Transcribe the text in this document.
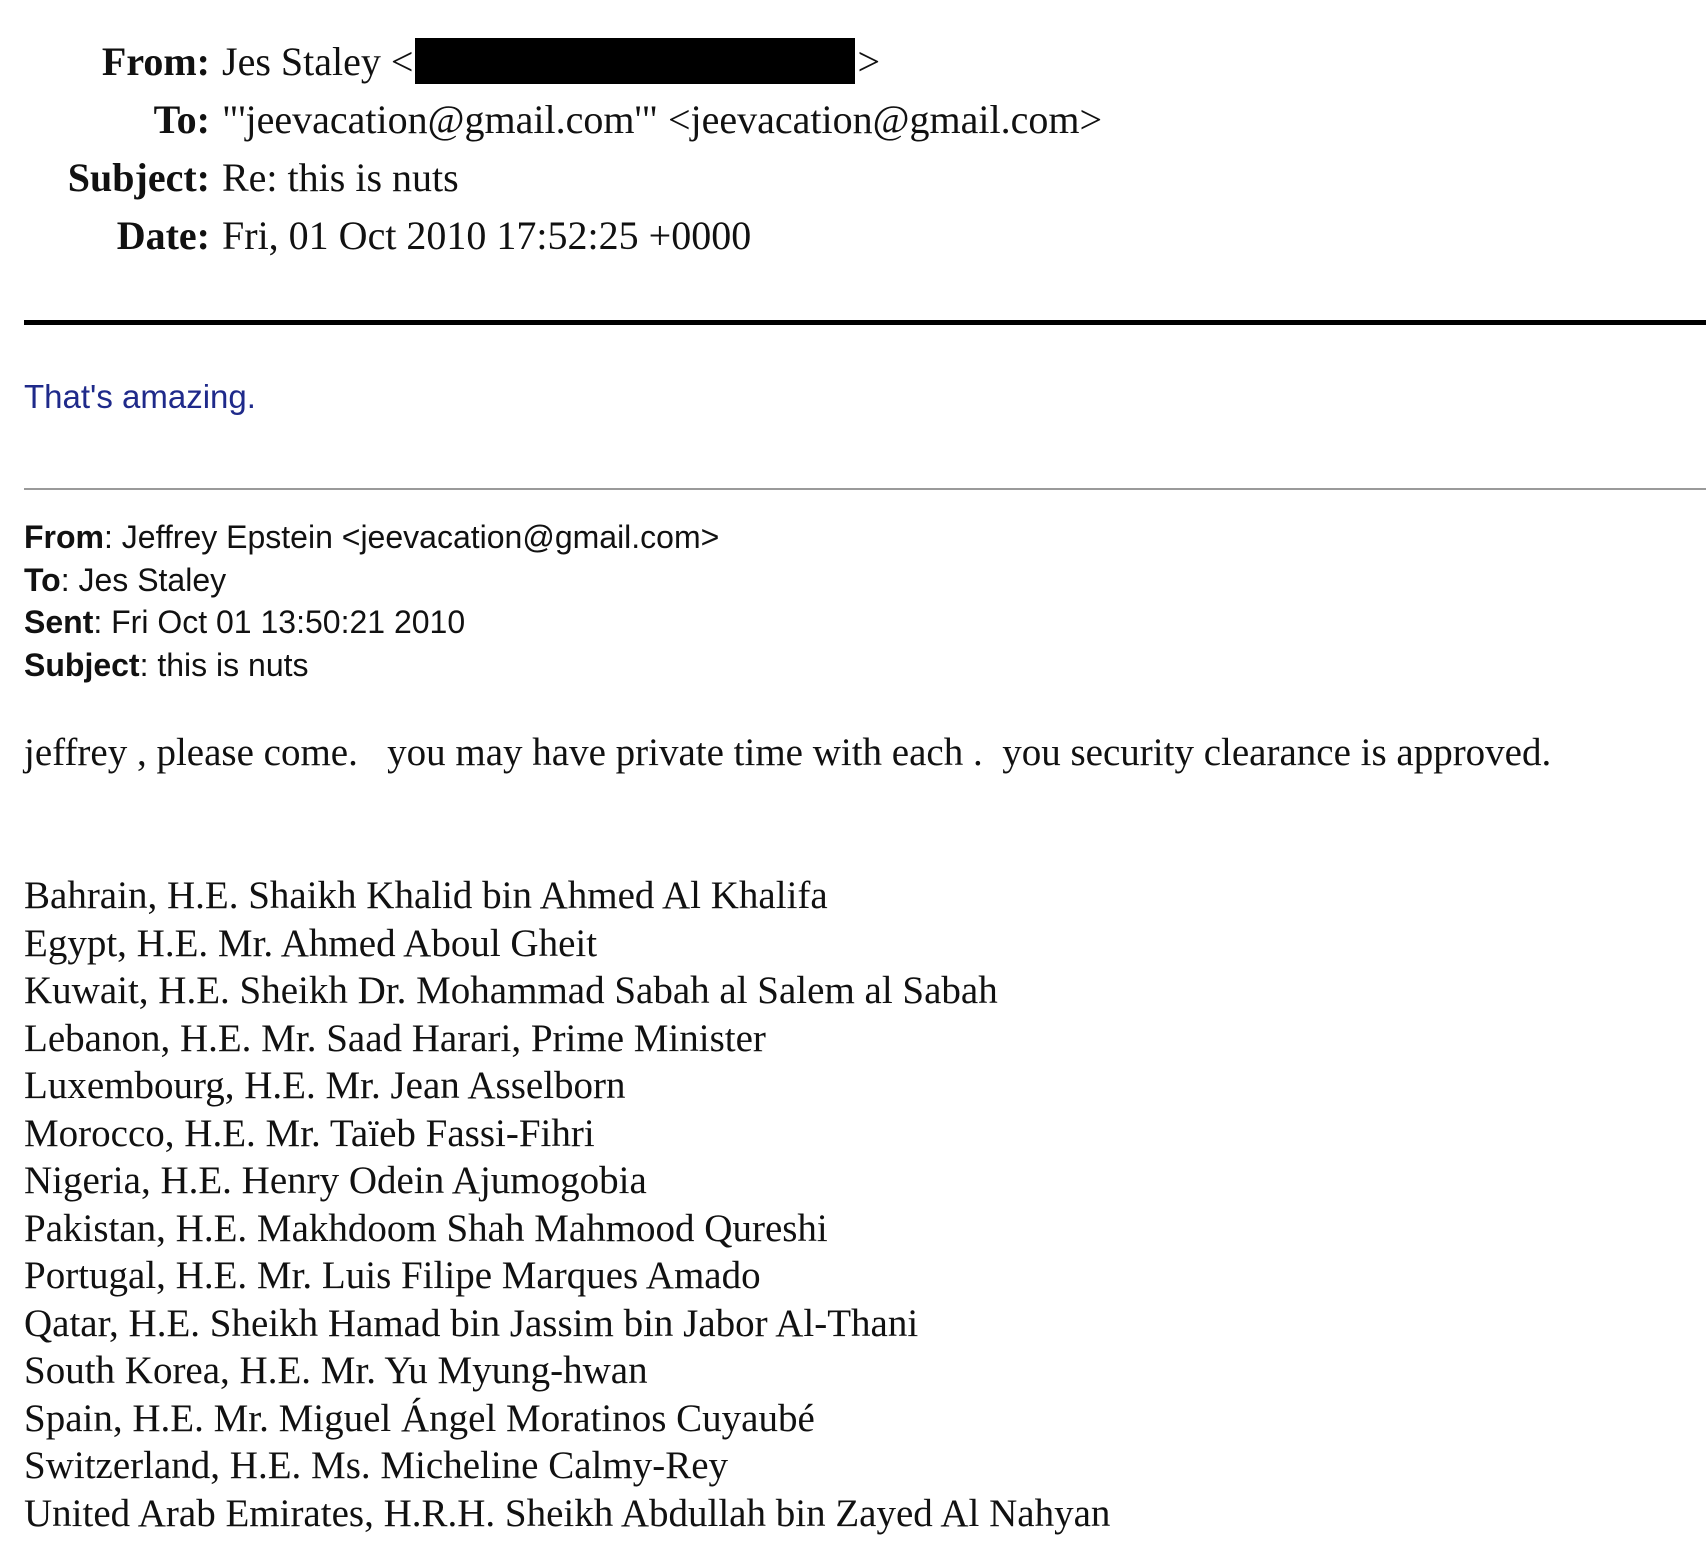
From: Jes Staley <	>
To: "'jeevacation@gmail.com'" <jeevacation@gmail.com>
Subject: Re: this is nuts
Date: Fri, 01 Oct 2010 17:52:25 +0000
That's amazing.
From: Jeffrey Epstein <jeevacation@gmail.com>
To: Jes Staley
Sent: Fri Oct 01 13:50:21 2010
Subject: this is nuts
jeffrey , please come.   you may have private time with each .  you security clearance is approved.
Bahrain, H.E. Shaikh Khalid bin Ahmed Al Khalifa
Egypt, H.E. Mr. Ahmed Aboul Gheit
Kuwait, H.E. Sheikh Dr. Mohammad Sabah al Salem al Sabah
Lebanon, H.E. Mr. Saad Harari, Prime Minister
Luxembourg, H.E. Mr. Jean Asselborn
Morocco, H.E. Mr. Taïeb Fassi-Fihri
Nigeria, H.E. Henry Odein Ajumogobia
Pakistan, H.E. Makhdoom Shah Mahmood Qureshi
Portugal, H.E. Mr. Luis Filipe Marques Amado
Qatar, H.E. Sheikh Hamad bin Jassim bin Jabor Al-Thani
South Korea, H.E. Mr. Yu Myung-hwan
Spain, H.E. Mr. Miguel Ángel Moratinos Cuyaubé
Switzerland, H.E. Ms. Micheline Calmy-Rey
United Arab Emirates, H.R.H. Sheikh Abdullah bin Zayed Al Nahyan
